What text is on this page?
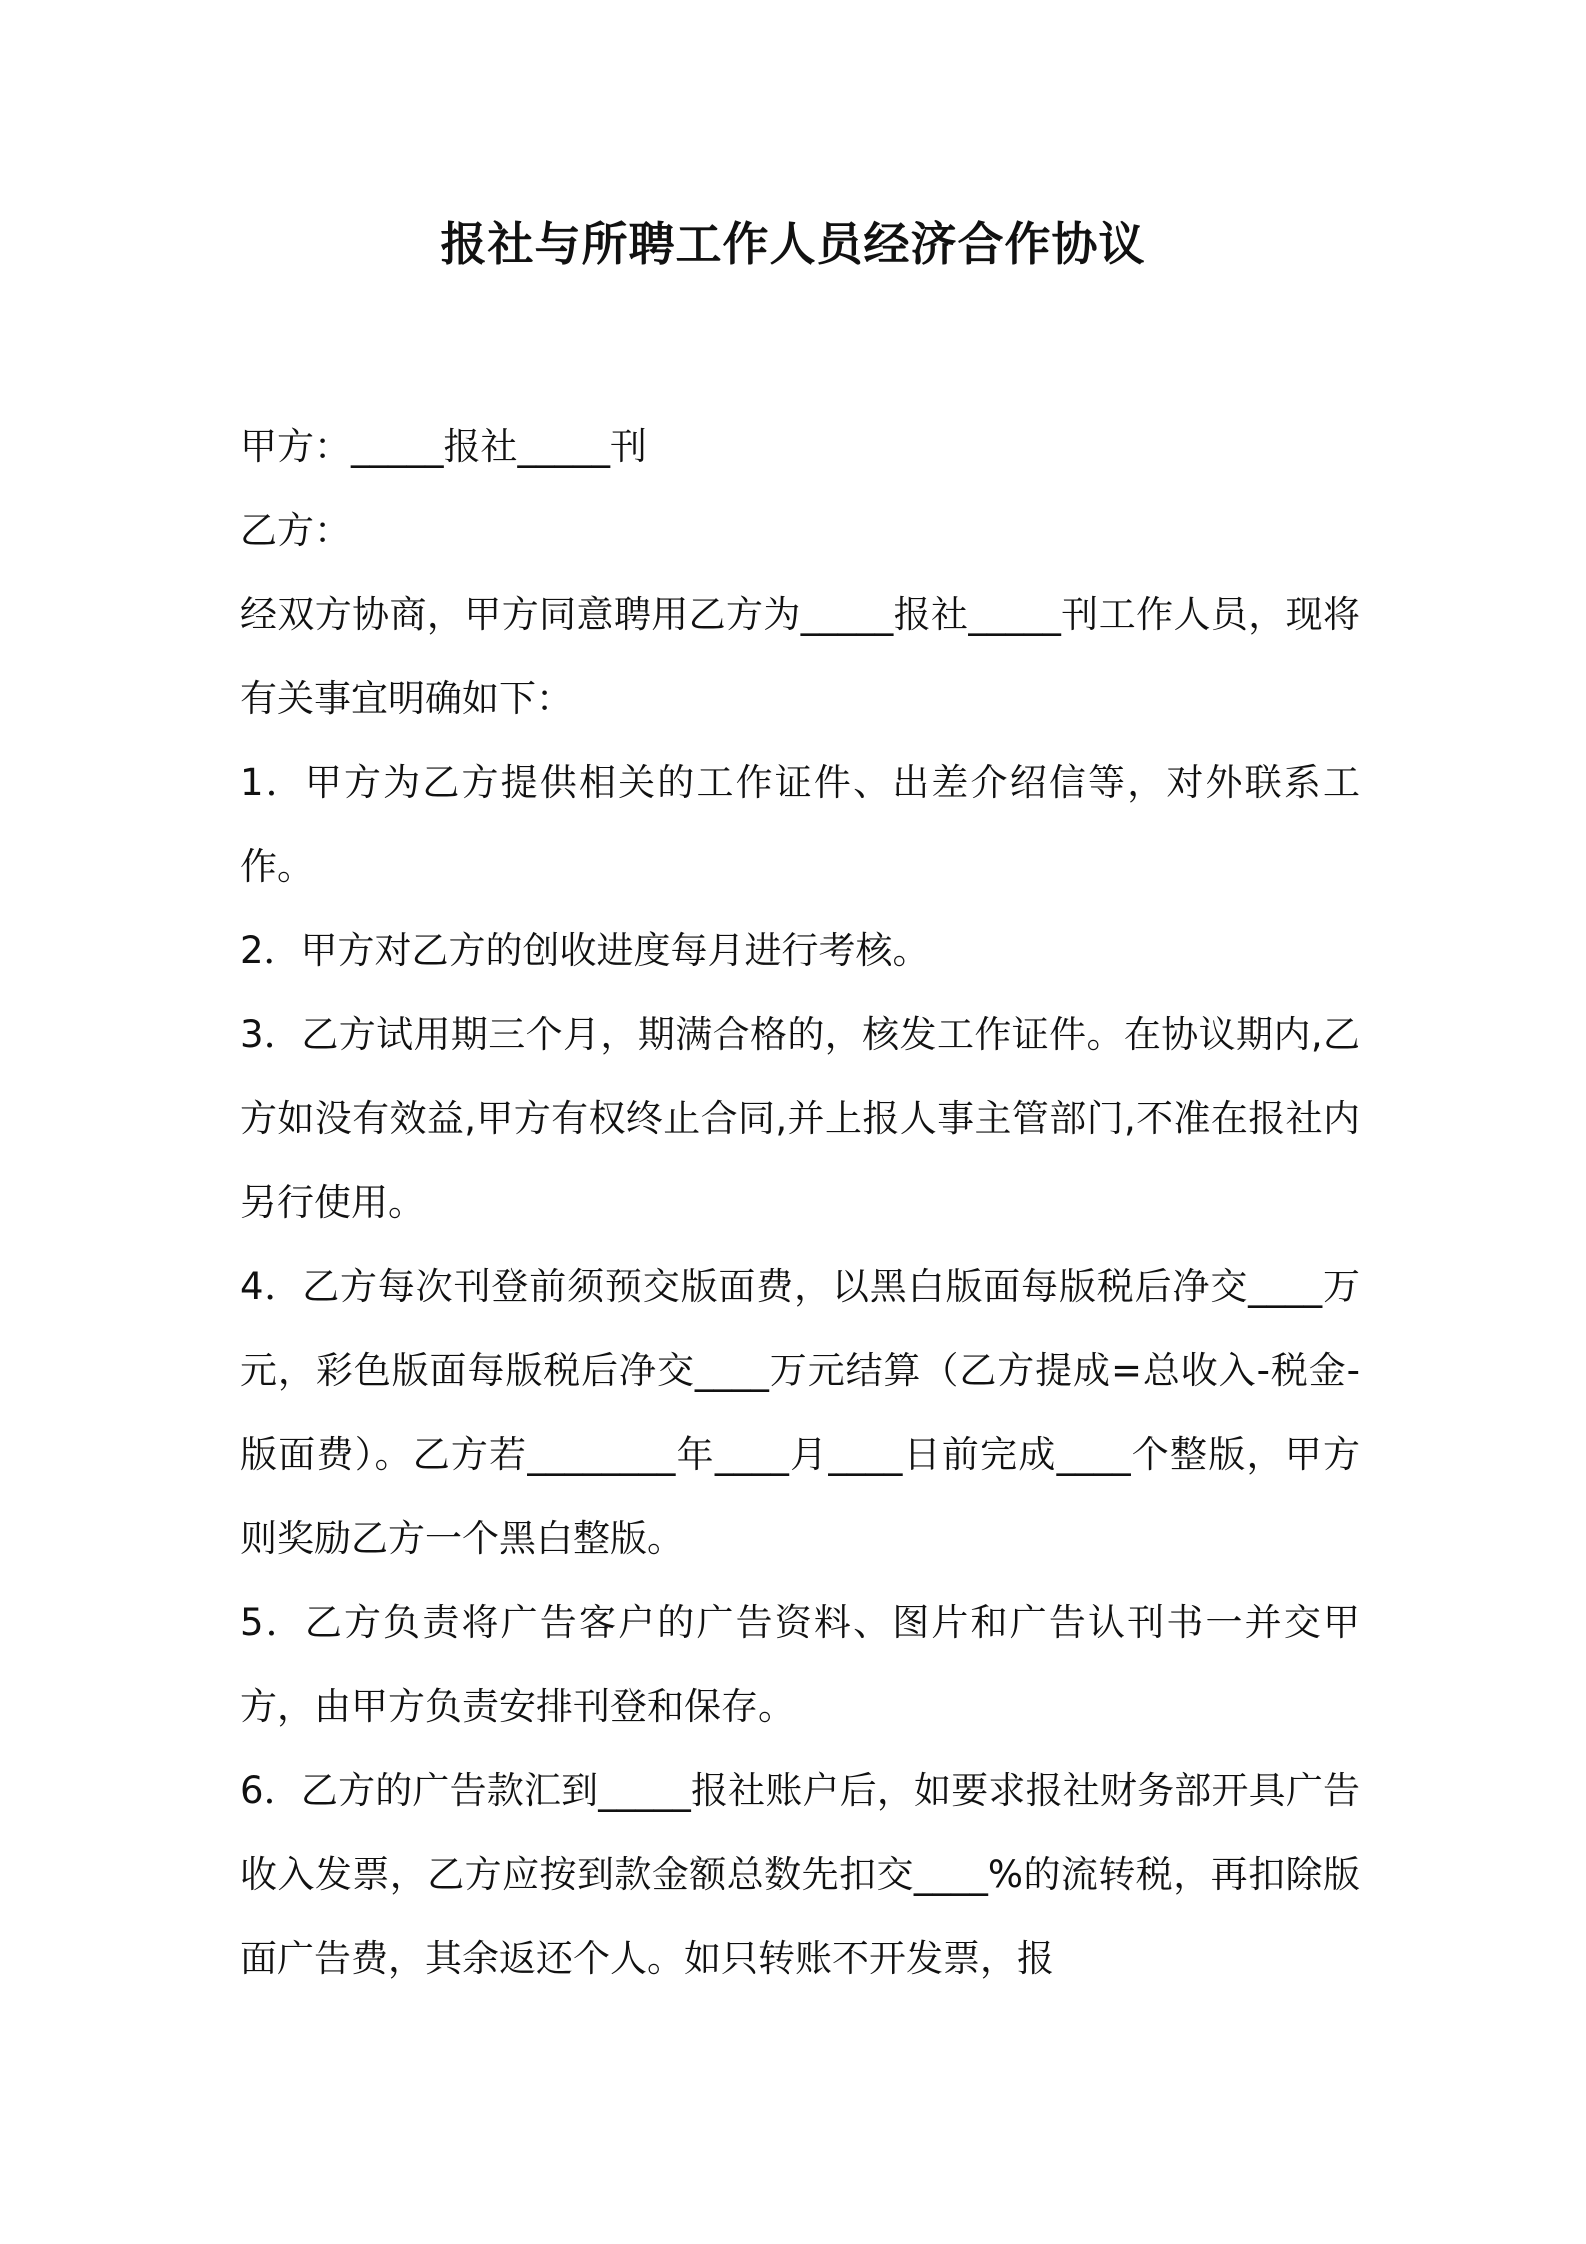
报社与所聘工作人员经济合作协议

甲方：_____报社_____刊

乙方：

经双方协商，甲方同意聘用乙方为_____报社_____刊工作人员，现将有关事宜明确如下：

1．甲方为乙方提供相关的工作证件、出差介绍信等，对外联系工作。

2．甲方对乙方的创收进度每月进行考核。

3．乙方试用期三个月，期满合格的，核发工作证件。在协议期内,乙方如没有效益,甲方有权终止合同,并上报人事主管部门,不准在报社内另行使用。

4．乙方每次刊登前须预交版面费，以黑白版面每版税后净交____万元，彩色版面每版税后净交____万元结算（乙方提成=总收入-税金-版面费）。乙方若________年____月____日前完成____个整版，甲方则奖励乙方一个黑白整版。

5．乙方负责将广告客户的广告资料、图片和广告认刊书一并交甲方，由甲方负责安排刊登和保存。

6．乙方的广告款汇到_____报社账户后，如要求报社财务部开具广告收入发票，乙方应按到款金额总数先扣交____%的流转税，再扣除版面广告费，其余返还个人。如只转账不开发票，报
